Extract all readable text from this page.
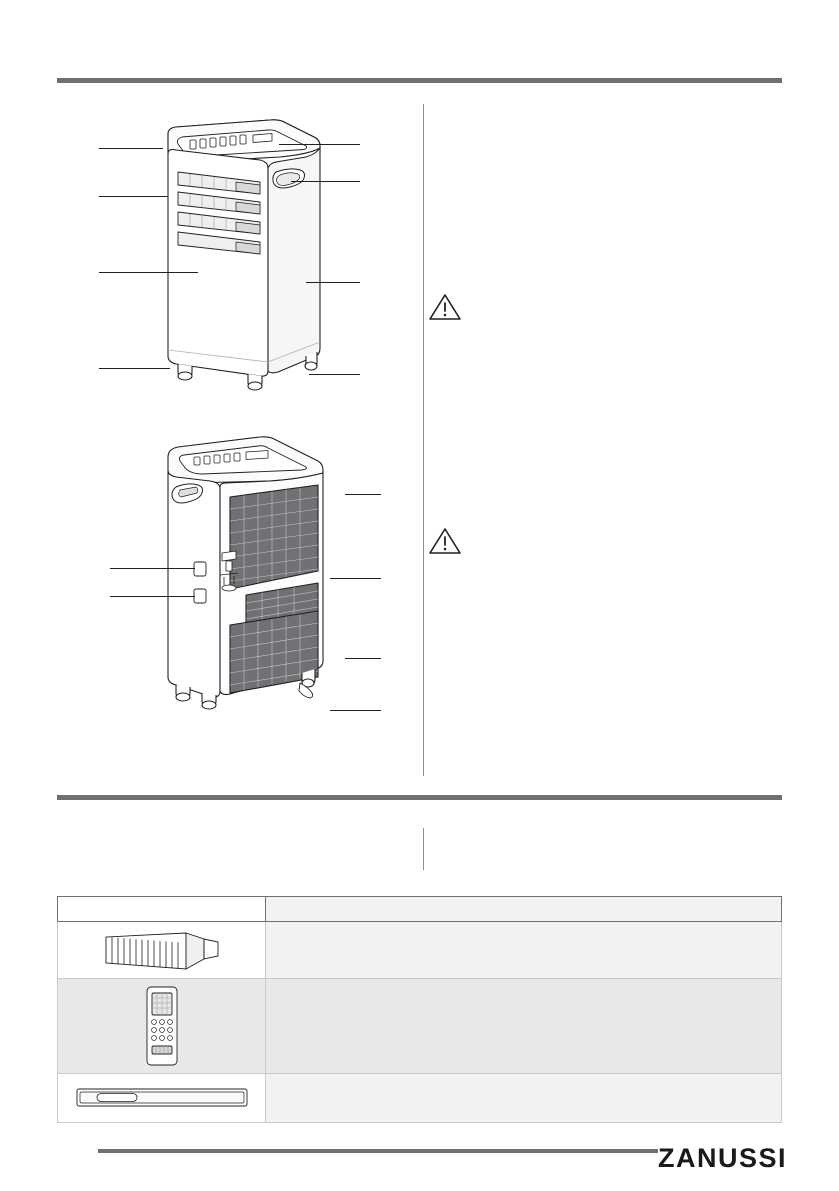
ZANUSSI
